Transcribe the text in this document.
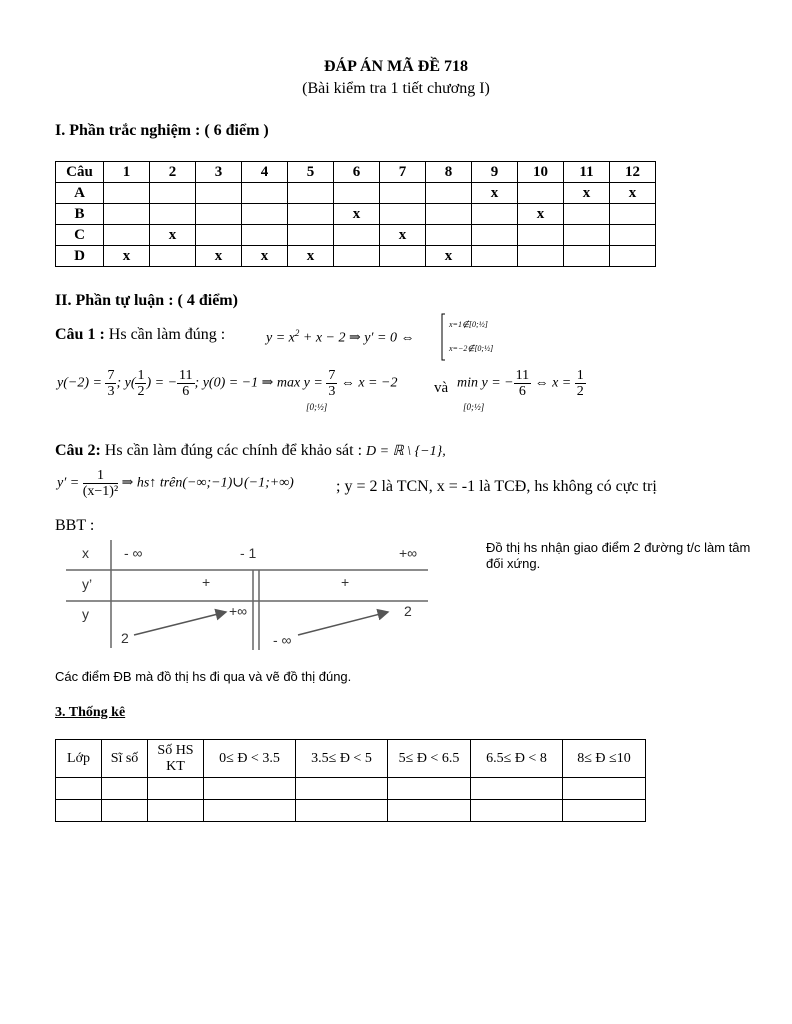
ĐÁP ÁN MÃ ĐỀ 718
(Bài kiểm tra 1 tiết chương I)
I. Phần trắc nghiệm : ( 6 điểm )
Câu	1	2	3	4	5	6	7	8	9	10	11	12
A									x		x	x
B						x				x		
C		x					x					
D	x		x	x	x			x				
II. Phần tự luận : ( 4 điểm)
Câu 1 : Hs cần làm đúng :	$y = x^2 + x - 2$ ⇒ y′ = 0 ⇔
x=1∉[0;½]
x=−2∉[0;½]
$y(-2) = \frac{7}{3}$ ; $y( \frac{1}{2}$ ) = − $\frac{11}{6}$ ; y(0) = −1 ⇒ $\max y = \frac{7}{3}$ ⇔ x = −2 và min y = − $\frac{11}{6}$ ⇔ $x = \frac{1}{2}$
[0;½]	[0;½]
Câu 2: Hs cần làm đúng các chính để khảo sát : D = ℝ \ {−1},
$y' = \frac{1}{\text{(x−1)²}}$ ⇒ hs↑ trên(−∞;−1)∪(−1;+∞)	; y = 2 là TCN, x = -1 là TCĐ, hs không có cực trị
BBT :
x	- ∞	- 1	+∞
y’	+	+
y	+∞	2
2	- ∞
Đồ thị hs nhận giao điểm 2 đường t/c làm tâm đối xứng.
Các điểm ĐB mà đồ thị hs đi qua và vẽ đồ thị đúng.
3. Thống kê
Lớp	Sĩ số	Số HS KT	0≤ Đ < 3.5	3.5≤ Đ < 5	5≤ Đ < 6.5	6.5≤ Đ < 8	8≤ Đ ≤10
